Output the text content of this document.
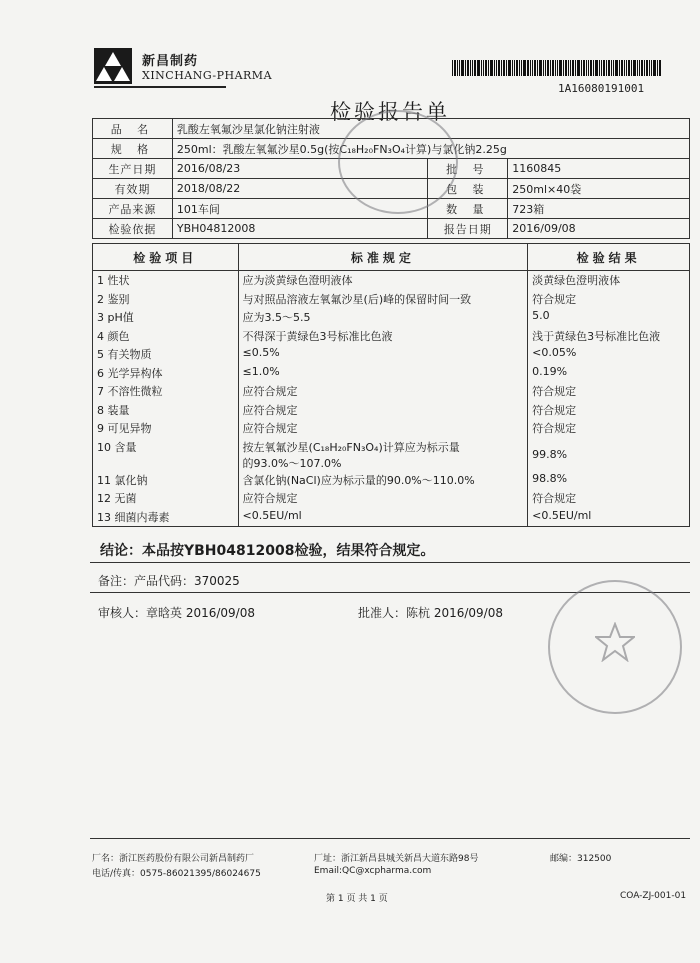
新昌制药
XINCHANG-PHARMA
1A16080191001
检验报告单
品 名	乳酸左氧氟沙星氯化钠注射液		
规 格	250ml：乳酸左氧氟沙星0.5g(按C₁₈H₂₀FN₃O₄计算)与氯化钠2.25g		
生产日期	2016/08/23	批 号	1160845
有效期	2018/08/22	包 装	250ml×40袋
产品来源	101车间	数 量	723箱
检验依据	YBH04812008	报告日期	2016/09/08
检验项目	标准规定	检验结果
1 性状	应为淡黄绿色澄明液体	淡黄绿色澄明液体
2 鉴别	与对照品溶液左氧氟沙星(后)峰的保留时间一致	符合规定
3 pH值	应为3.5～5.5	5.0
4 颜色	不得深于黄绿色3号标准比色液	浅于黄绿色3号标准比色液
5 有关物质	≤0.5%	<0.05%
6 光学异构体	≤1.0%	0.19%
7 不溶性微粒	应符合规定	符合规定
8 装量	应符合规定	符合规定
9 可见异物	应符合规定	符合规定
10 含量	按左氧氟沙星(C₁₈H₂₀FN₃O₄)计算应为标示量
的93.0%～107.0%	99.8%
11 氯化钠	含氯化钠(NaCl)应为标示量的90.0%～110.0%	98.8%
12 无菌	应符合规定	符合规定
13 细菌内毒素	<0.5EU/ml	<0.5EU/ml
结论：本品按YBH04812008检验，结果符合规定。
备注：产品代码：370025
审核人：章晗英 2016/09/08	批准人：陈杭 2016/09/08
厂名：浙江医药股份有限公司新昌制药厂	厂址：浙江新昌县城关新昌大道东路98号	邮编：312500
电话/传真：0575-86021395/86024675	Email:QC@xcpharma.com
第 1 页 共 1 页	COA-ZJ-001-01
